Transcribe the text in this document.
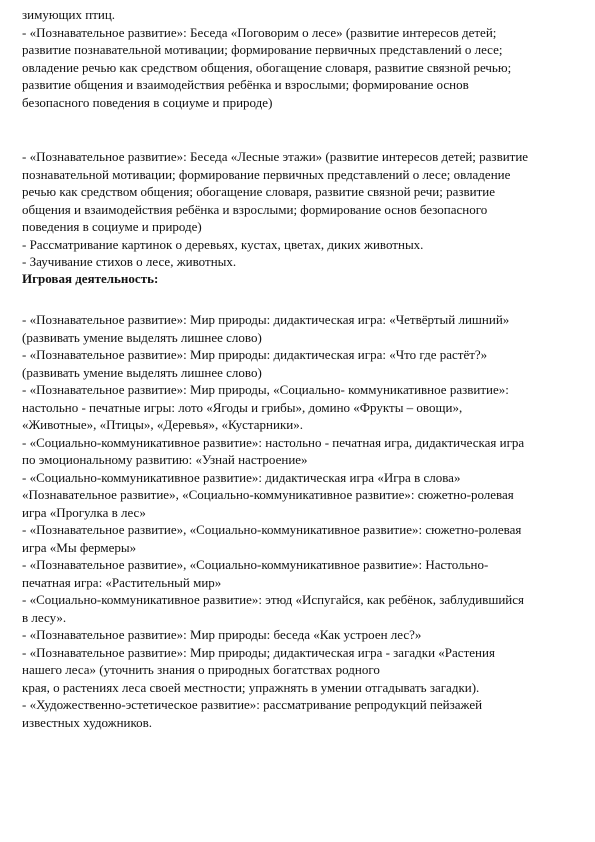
зимующих птиц.
- «Познавательное развитие»: Беседа «Поговорим о лесе» (развитие интересов детей;
развитие познавательной мотивации; формирование первичных представлений о лесе;
овладение речью как средством общения, обогащение словаря, развитие связной речью;
развитие общения и взаимодействия ребёнка и взрослыми; формирование основ
безопасного поведения в социуме и природе)
- «Познавательное развитие»: Беседа «Лесные этажи» (развитие интересов детей; развитие
познавательной мотивации; формирование первичных представлений о лесе; овладение
речью как средством общения; обогащение словаря, развитие связной речи; развитие
общения и взаимодействия ребёнка и взрослыми; формирование основ безопасного
поведения в социуме и природе)
- Рассматривание картинок о деревьях, кустах, цветах, диких животных.
- Заучивание стихов о лесе, животных.
Игровая деятельность:
- «Познавательное развитие»: Мир природы: дидактическая игра: «Четвёртый лишний»
(развивать умение выделять лишнее слово)
- «Познавательное развитие»: Мир природы: дидактическая игра: «Что где растёт?»
(развивать умение выделять лишнее слово)
- «Познавательное развитие»: Мир природы, «Социально- коммуникативное развитие»:
настольно - печатные игры: лото «Ягоды и грибы», домино «Фрукты – овощи»,
«Животные», «Птицы», «Деревья», «Кустарники».
- «Социально-коммуникативное развитие»: настольно - печатная игра, дидактическая игра
по эмоциональному развитию: «Узнай настроение»
- «Социально-коммуникативное развитие»: дидактическая игра «Игра в слова»
«Познавательное развитие», «Социально-коммуникативное развитие»: сюжетно-ролевая
игра «Прогулка в лес»
- «Познавательное развитие», «Социально-коммуникативное развитие»: сюжетно-ролевая
игра «Мы фермеры»
- «Познавательное развитие», «Социально-коммуникативное развитие»: Настольно-
печатная игра: «Растительный мир»
- «Социально-коммуникативное развитие»: этюд «Испугайся, как ребёнок, заблудившийся
в лесу».
- «Познавательное развитие»: Мир природы: беседа «Как устроен лес?»
- «Познавательное развитие»: Мир природы; дидактическая игра - загадки «Растения
нашего леса» (уточнить знания о природных богатствах родного
края, о растениях леса своей местности; упражнять в умении отгадывать загадки).
- «Художественно-эстетическое развитие»: рассматривание репродукций пейзажей
известных художников.
